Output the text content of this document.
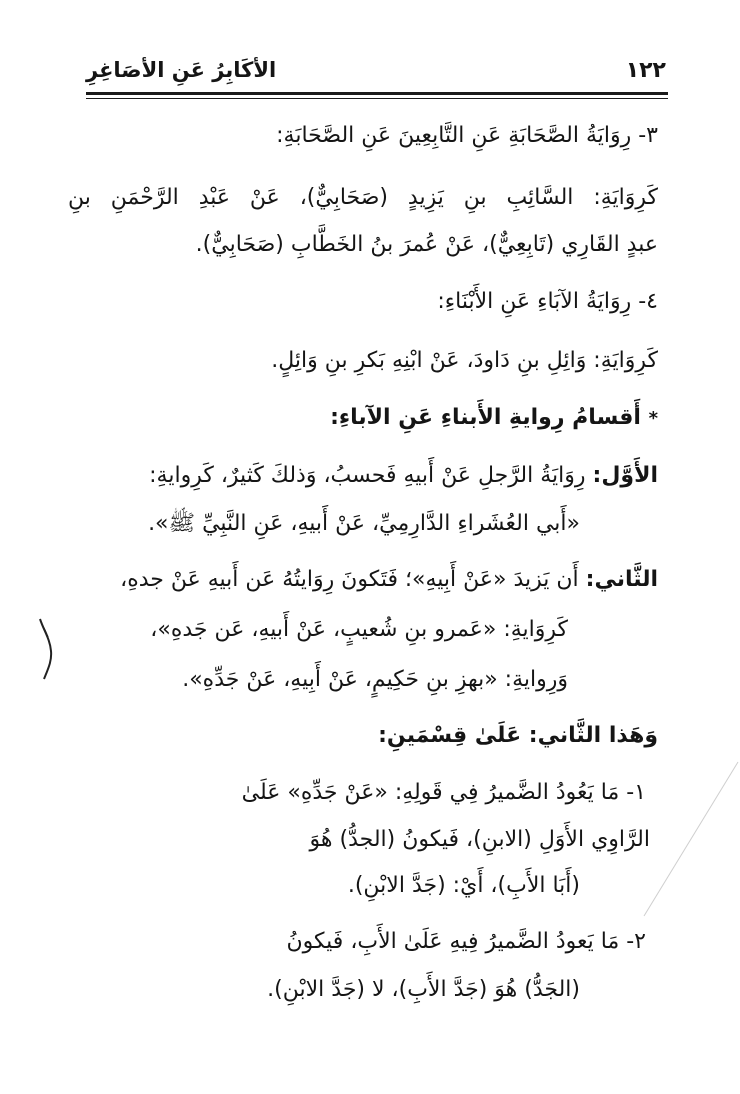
١٢٢
الأكَابِرُ عَنِ الأصَاغِرِ
٣- رِوَايَةُ الصَّحَابَةِ عَنِ التَّابِعِينَ عَنِ الصَّحَابَةِ:
كَرِوَايَةِ: السَّائِبِ بنِ يَزِيدٍ (صَحَابِيٌّ)، عَنْ عَبْدِ الرَّحْمَنِ بنِ
عبدٍ القَارِي (تَابِعِيٌّ)، عَنْ عُمرَ بنُ الخَطَّابِ (صَحَابِيٌّ).
٤- رِوَايَةُ الآبَاءِ عَنِ الأَبْنَاءِ:
كَرِوَايَةِ: وَائِلِ بنِ دَاودَ، عَنْ ابْنِهِ بَكرِ بنِ وَائِلٍ.
* أَقسامُ رِوايةِ الأَبناءِ عَنِ الآباءِ:
الأَوَّل: رِوَايَةُ الرَّجلِ عَنْ أَبيهِ فَحسبُ، وَذلكَ كَثيرٌ، كَرِوايةِ:
«أَبي العُشَراءِ الدَّارِمِيِّ، عَنْ أَبيهِ، عَنِ النَّبِيِّ ﷺ».
الثَّاني: أَن يَزيدَ «عَنْ أَبِيهِ»؛ فَتَكونَ رِوَايتُهُ عَن أَبيهِ عَنْ جدهِ،
كَرِوَايةِ: «عَمرو بنِ شُعيبٍ، عَنْ أَبيهِ، عَن جَدهِ»،
وَرِوايةِ: «بهزِ بنِ حَكِيمٍ، عَنْ أَبِيهِ، عَنْ جَدِّهِ».
وَهَذا الثَّاني: عَلَىٰ قِسْمَينِ:
١- مَا يَعُودُ الضَّميرُ فِي قَولِهِ: «عَنْ جَدِّهِ» عَلَىٰ
الرَّاوِي الأَوَلِ (الابنِ)، فَيكونُ (الجدُّ) هُوَ
(أَبَا الأَبِ)، أَيْ: (جَدَّ الابْنِ).
٢- مَا يَعودُ الضَّميرُ فِيهِ عَلَىٰ الأَبِ، فَيكونُ
(الجَدُّ) هُوَ (جَدَّ الأَبِ)، لا (جَدَّ الابْنِ).
